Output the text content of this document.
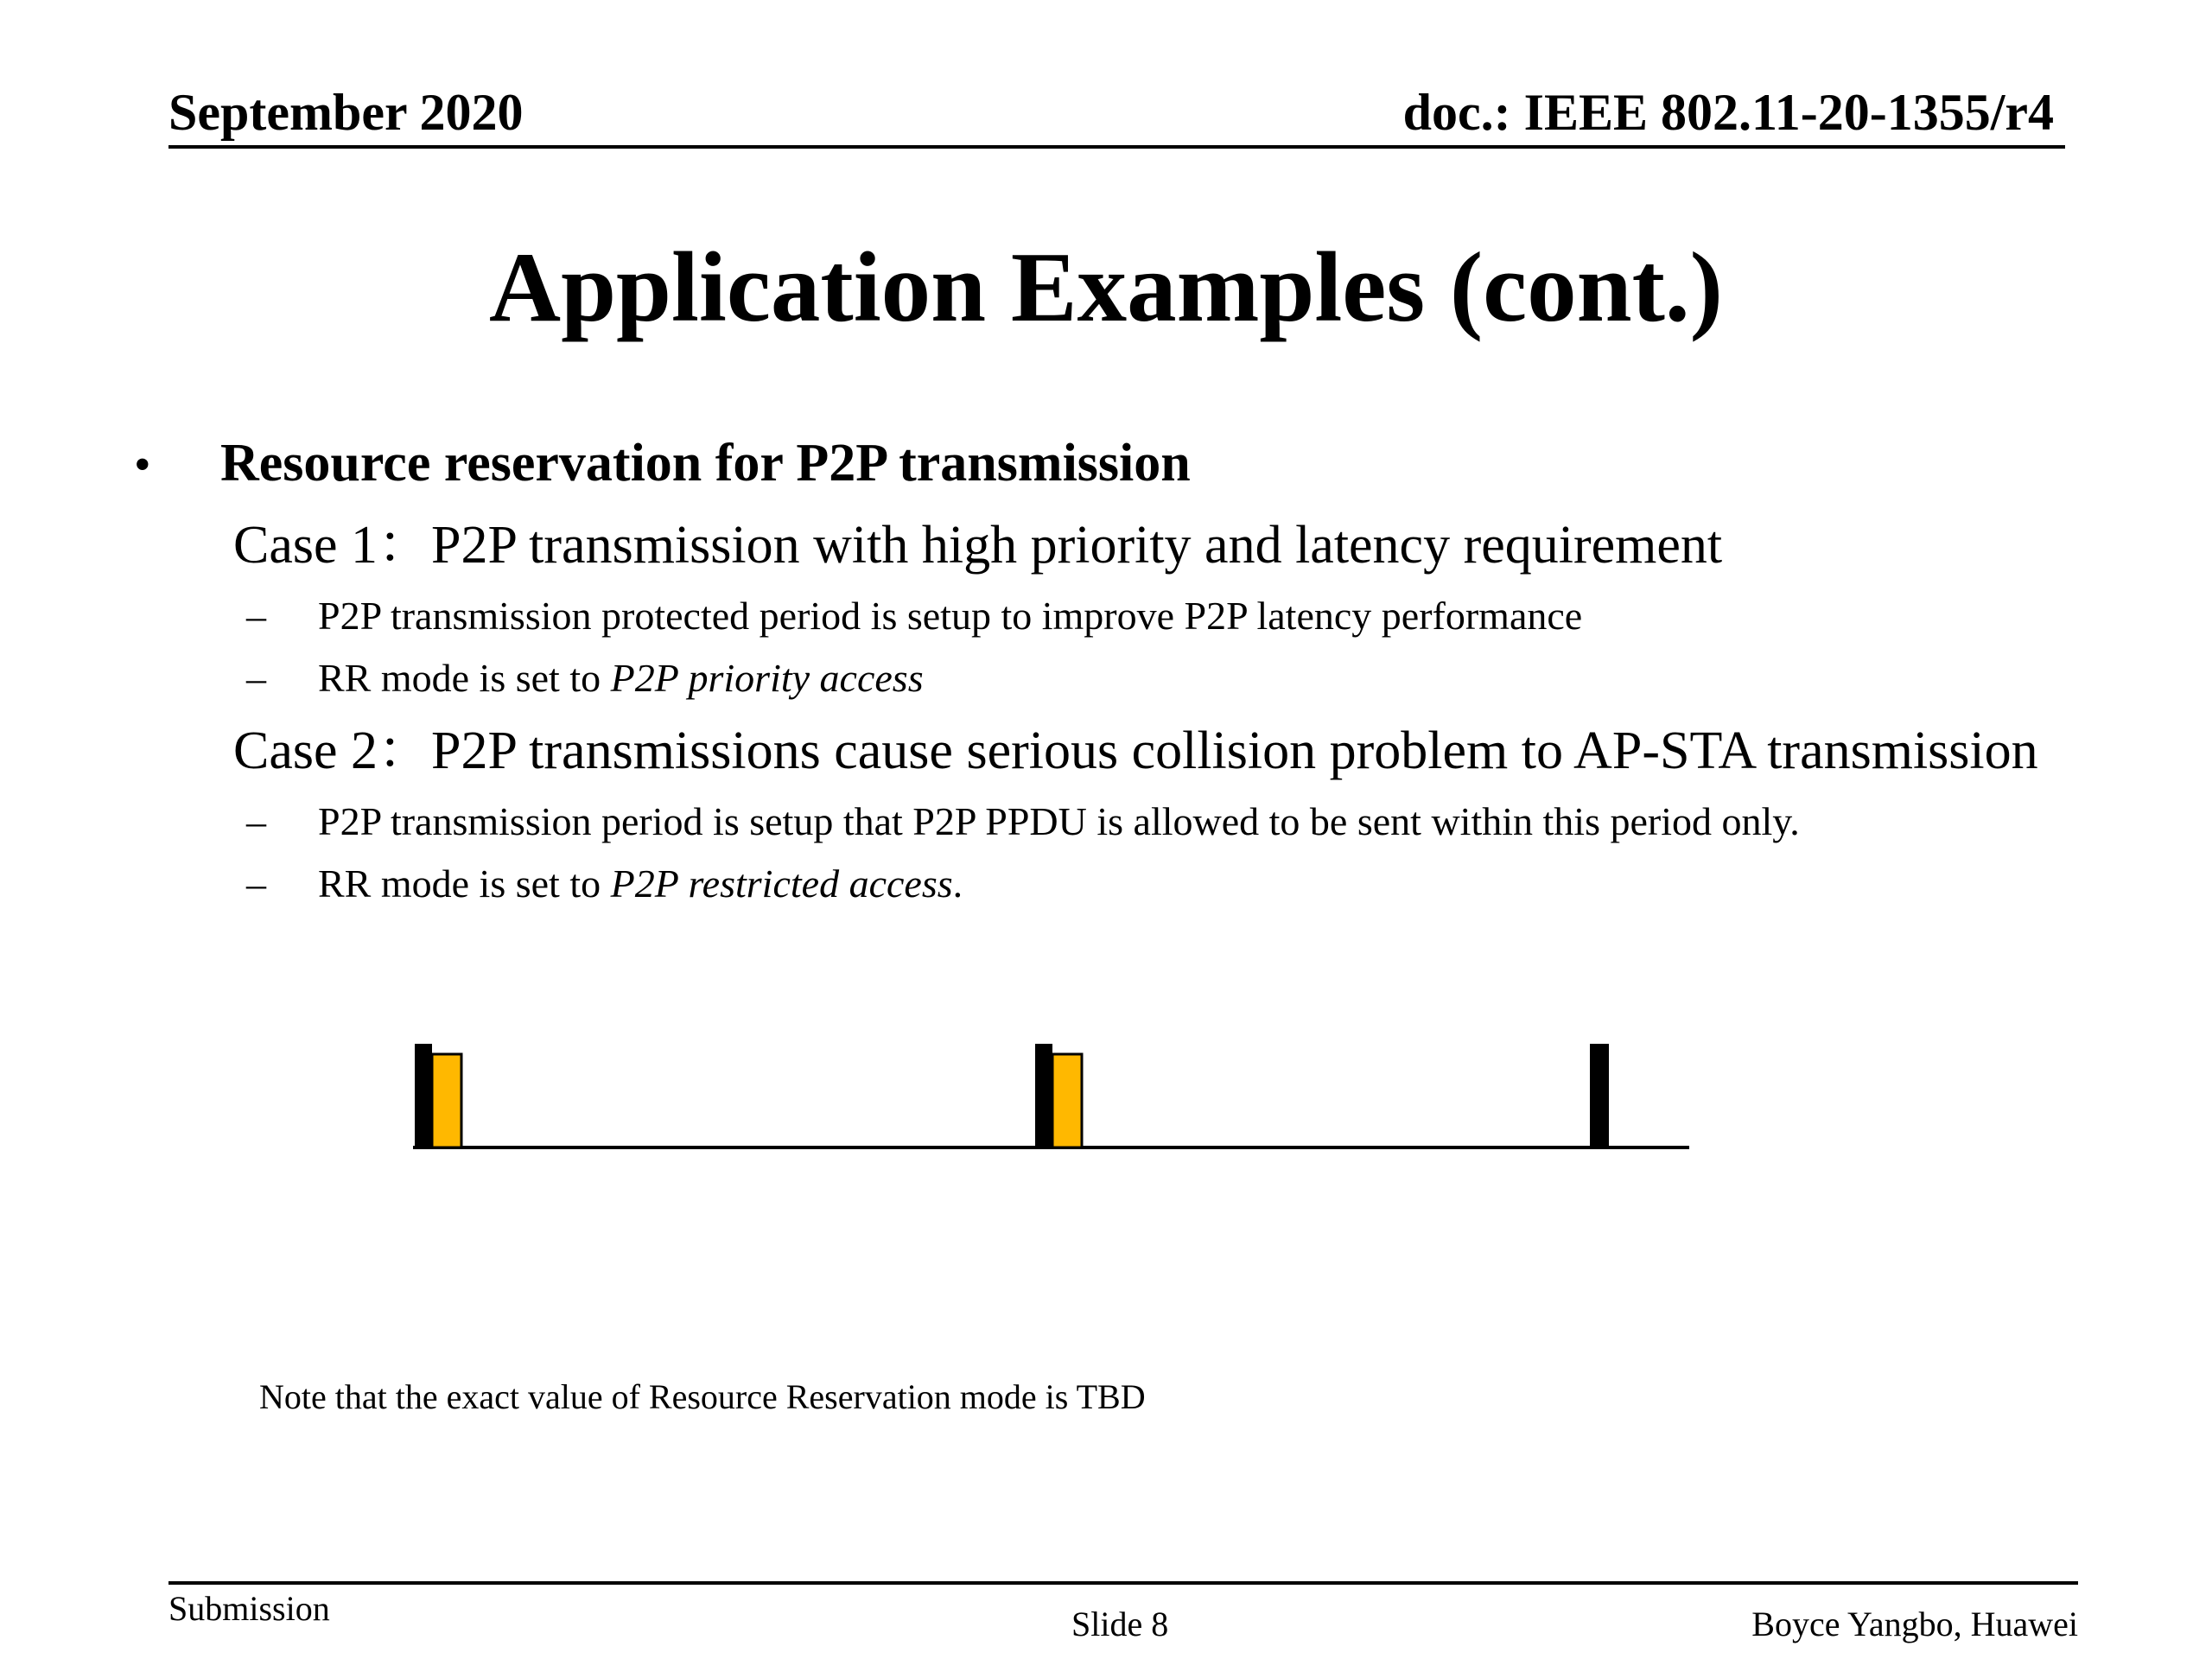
September 2020	doc.: IEEE 802.11-20-1355/r4
Application Examples (cont.)
• Resource reservation for P2P transmission
Case 1：P2P transmission with high priority and latency requirement
– P2P transmission protected period is setup to improve P2P latency performance
– RR mode is set to P2P priority access
Case 2：P2P transmissions cause serious collision problem to AP-STA transmission
– P2P transmission period is setup that P2P PPDU is allowed to be sent within this period only.
– RR mode is set to P2P restricted access.
Note that the exact value of Resource Reservation mode is TBD
Submission	Slide 8	Boyce Yangbo, Huawei
